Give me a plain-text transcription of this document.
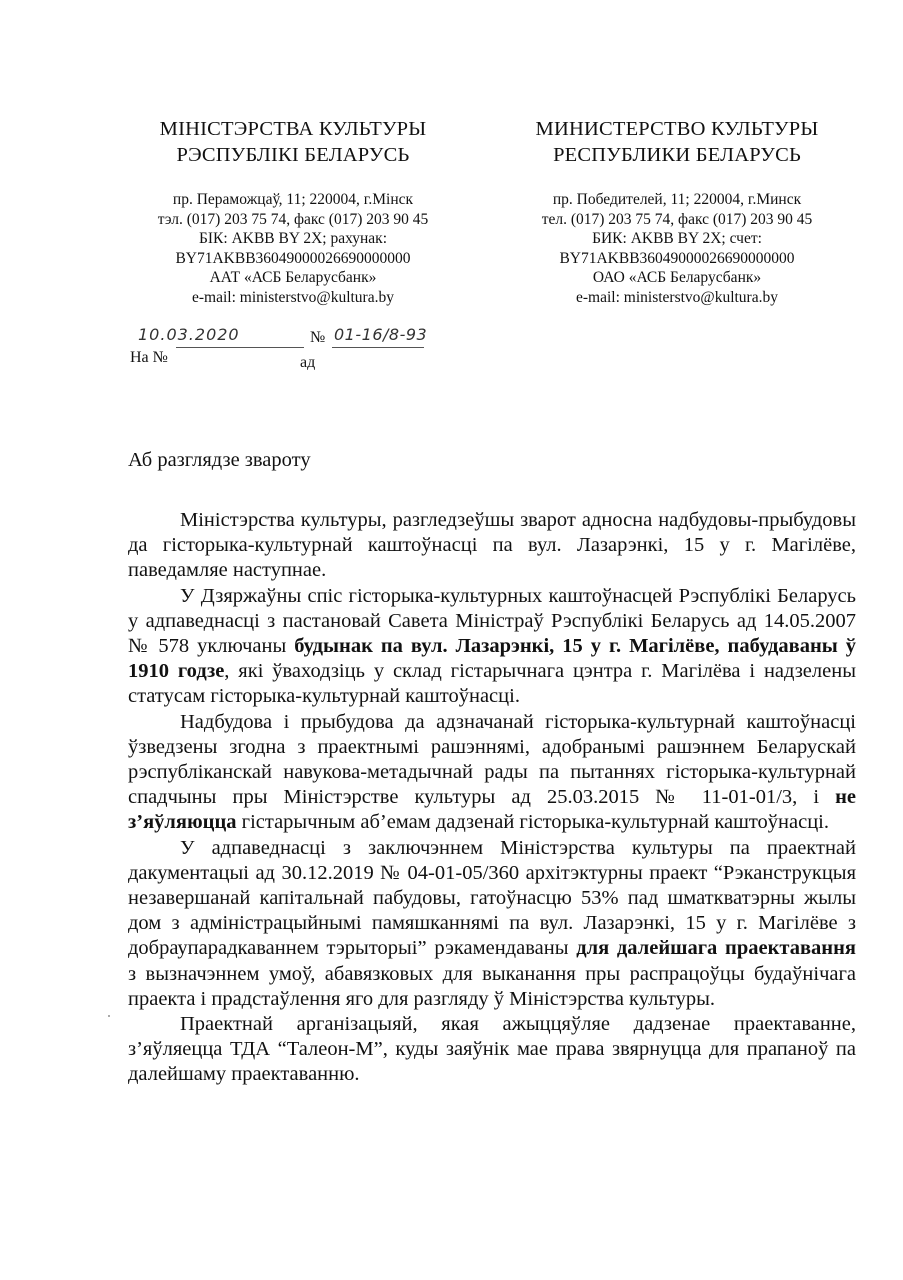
МІНІСТЭРСТВА КУЛЬТУРЫ
РЭСПУБЛІКІ БЕЛАРУСЬ
пр. Пераможцаў, 11; 220004, г.Мінск
тэл. (017) 203 75 74, факс (017) 203 90 45
БІК: AKBB BY 2X; рахунак:
BY71AKBB36049000026690000000
ААТ «АСБ Беларусбанк»
e-mail: ministerstvo@kultura.by
МИНИСТЕРСТВО КУЛЬТУРЫ
РЕСПУБЛИКИ БЕЛАРУСЬ
пр. Победителей, 11; 220004, г.Минск
тел. (017) 203 75 74, факс (017) 203 90 45
БИК: AKBB BY 2X; счет:
BY71AKBB36049000026690000000
ОАО «АСБ Беларусбанк»
e-mail: ministerstvo@kultura.by
10.03.2020	№ 01-16/8-93
На №	ад
Аб разглядзе звароту

Міністэрства культуры, разгледзеўшы зварот адносна надбудовы-прыбудовы да гісторыка-культурнай каштоўнасці па вул. Лазарэнкі, 15 у г. Магілёве, паведамляе наступнае.

У Дзяржаўны спіс гісторыка-культурных каштоўнасцей Рэспублікі Беларусь у адпаведнасці з пастановай Савета Міністраў Рэспублікі Беларусь ад 14.05.2007 № 578 уключаны будынак па вул. Лазарэнкі, 15 у г. Магілёве, пабудаваны ў 1910 годзе, які ўваходзіць у склад гістарычнага цэнтра г. Магілёва і надзелены статусам гісторыка-культурнай каштоўнасці.

Надбудова і прыбудова да адзначанай гісторыка-культурнай каштоўнасці ўзведзены згодна з праектнымі рашэннямі, адобранымі рашэннем Беларускай рэспубліканскай навукова-метадычнай рады па пытаннях гісторыка-культурнай спадчыны пры Міністэрстве культуры ад 25.03.2015 № 11-01-01/3, і не з’яўляюцца гістарычным аб’емам дадзенай гісторыка-культурнай каштоўнасці.

У адпаведнасці з заключэннем Міністэрства культуры па праектнай дакументацыі ад 30.12.2019 № 04-01-05/360 архітэктурны праект “Рэканструкцыя незавершанай капітальнай пабудовы, гатоўнасцю 53% пад шматкватэрны жылы дом з адміністрацыйнымі памяшканнямі па вул. Лазарэнкі, 15 у г. Магілёве з добраупарадкаваннем тэрыторыі” рэкамендаваны для далейшага праектавання з вызначэннем умоў, абавязковых для выканання пры распрацоўцы будаўнічага праекта і прадстаўлення яго для разгляду ў Міністэрства культуры.

Праектнай арганізацыяй, якая ажыццяўляе дадзенае праектаванне, з’яўляецца ТДА “Талеон-М”, куды заяўнік мае права звярнуцца для прапаноў па далейшаму праектаванню.
